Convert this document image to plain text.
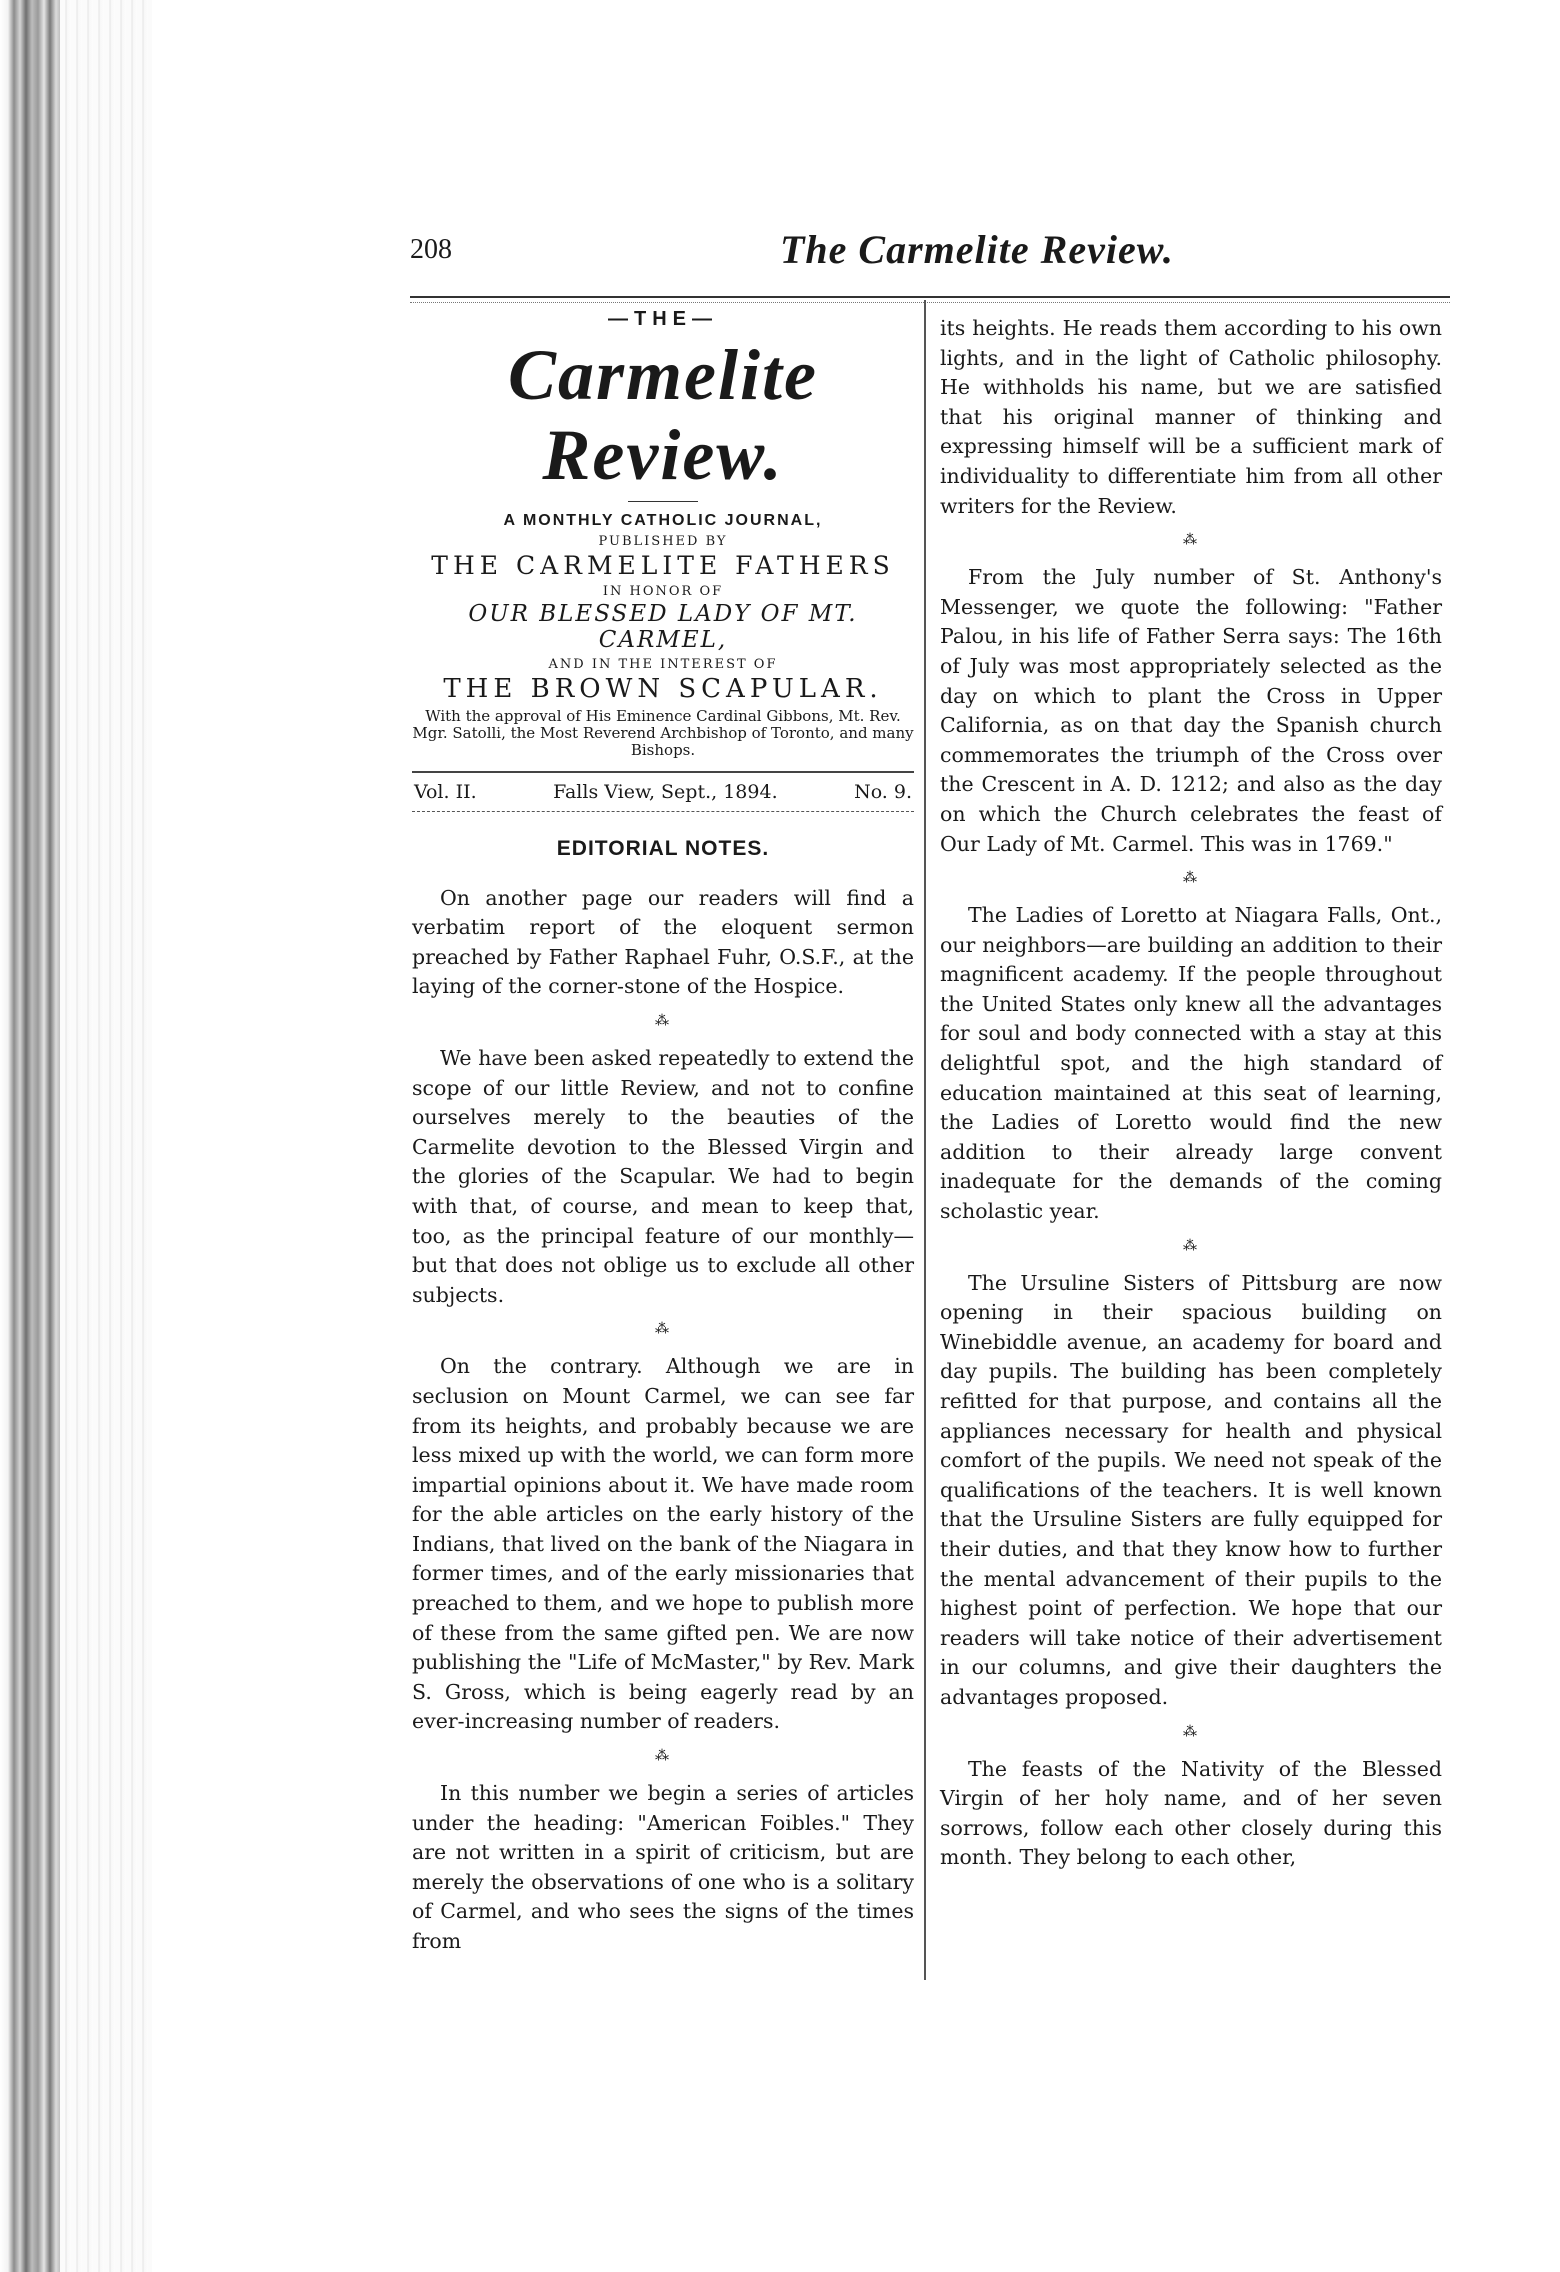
208	The Carmelite Review.
—THE—
Carmelite Review.
A MONTHLY CATHOLIC JOURNAL,
PUBLISHED BY
THE CARMELITE FATHERS
IN HONOR OF
OUR BLESSED LADY OF MT. CARMEL,
AND IN THE INTEREST OF
THE BROWN SCAPULAR.
With the approval of His Eminence Cardinal Gibbons, Mt. Rev. Mgr. Satolli, the Most Reverend Archbishop of Toronto, and many Bishops.
Vol. II.	Falls View, Sept., 1894.	No. 9.
EDITORIAL NOTES.

On another page our readers will find a verbatim report of the eloquent sermon preached by Father Raphael Fuhr, O.S.F., at the laying of the corner-stone of the Hospice.

⁂

We have been asked repeatedly to extend the scope of our little Review, and not to confine ourselves merely to the beauties of the Carmelite devotion to the Blessed Virgin and the glories of the Scapular. We had to begin with that, of course, and mean to keep that, too, as the principal feature of our monthly—but that does not oblige us to exclude all other subjects.

⁂

On the contrary. Although we are in seclusion on Mount Carmel, we can see far from its heights, and probably because we are less mixed up with the world, we can form more impartial opinions about it. We have made room for the able articles on the early history of the Indians, that lived on the bank of the Niagara in former times, and of the early missionaries that preached to them, and we hope to publish more of these from the same gifted pen. We are now publishing the "Life of McMaster," by Rev. Mark S. Gross, which is being eagerly read by an ever-increasing number of readers.

⁂

In this number we begin a series of articles under the heading: "American Foibles." They are not written in a spirit of criticism, but are merely the observations of one who is a solitary of Carmel, and who sees the signs of the times from

its heights. He reads them according to his own lights, and in the light of Catholic philosophy. He withholds his name, but we are satisfied that his original manner of thinking and expressing himself will be a sufficient mark of individuality to differentiate him from all other writers for the Review.

⁂

From the July number of St. Anthony's Messenger, we quote the following: "Father Palou, in his life of Father Serra says: The 16th of July was most appropriately selected as the day on which to plant the Cross in Upper California, as on that day the Spanish church commemorates the triumph of the Cross over the Crescent in A. D. 1212; and also as the day on which the Church celebrates the feast of Our Lady of Mt. Carmel. This was in 1769."

⁂

The Ladies of Loretto at Niagara Falls, Ont., our neighbors—are building an addition to their magnificent academy. If the people throughout the United States only knew all the advantages for soul and body connected with a stay at this delightful spot, and the high standard of education maintained at this seat of learning, the Ladies of Loretto would find the new addition to their already large convent inadequate for the demands of the coming scholastic year.

⁂

The Ursuline Sisters of Pittsburg are now opening in their spacious building on Winebiddle avenue, an academy for board and day pupils. The building has been completely refitted for that purpose, and contains all the appliances necessary for health and physical comfort of the pupils. We need not speak of the qualifications of the teachers. It is well known that the Ursuline Sisters are fully equipped for their duties, and that they know how to further the mental advancement of their pupils to the highest point of perfection. We hope that our readers will take notice of their advertisement in our columns, and give their daughters the advantages proposed.

⁂

The feasts of the Nativity of the Blessed Virgin of her holy name, and of her seven sorrows, follow each other closely during this month. They belong to each other,
